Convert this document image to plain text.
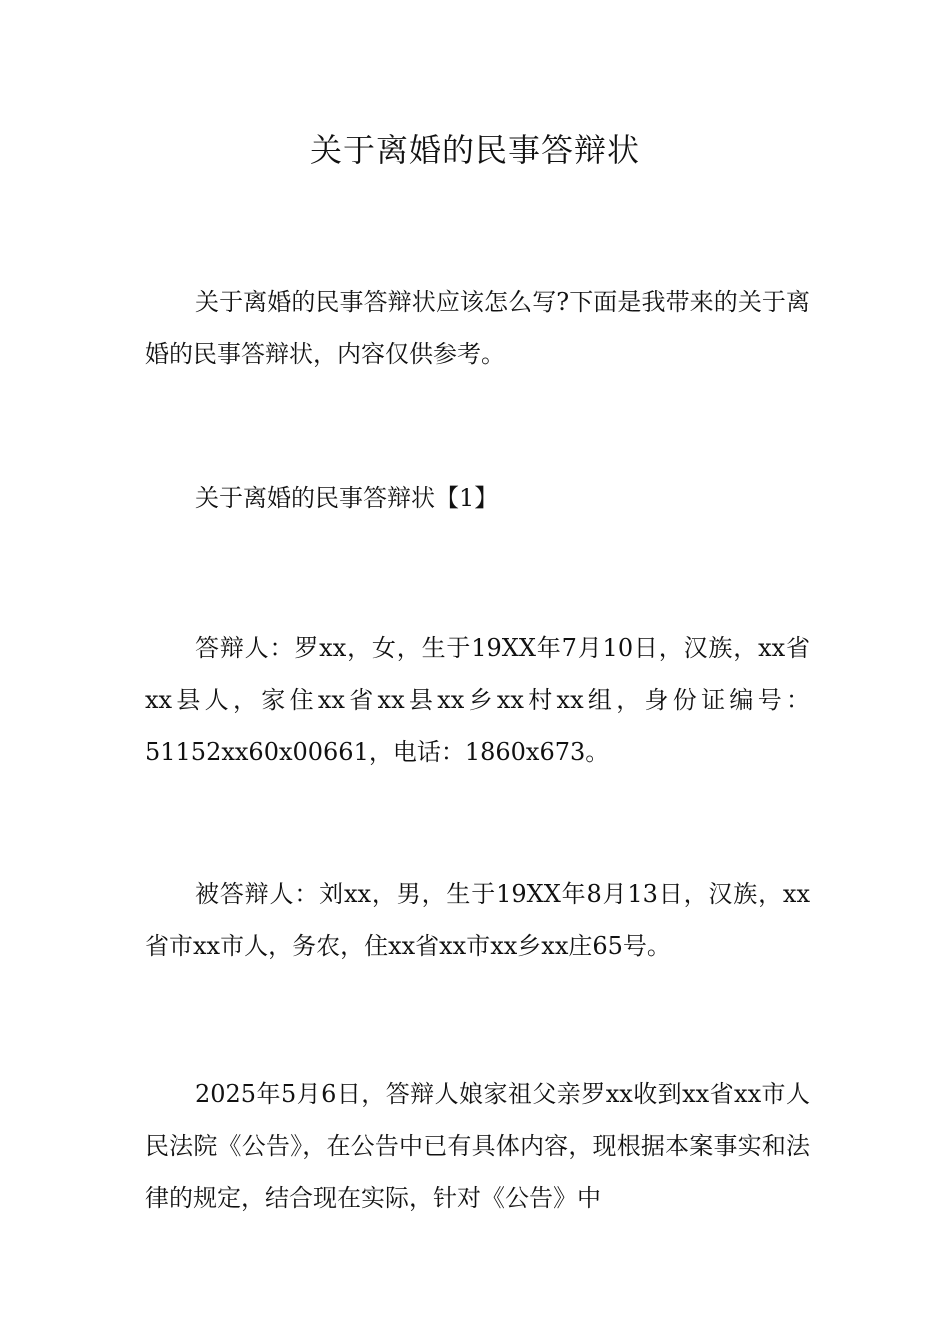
关于离婚的民事答辩状

关于离婚的民事答辩状应该怎么写?下面是我带来的关于离婚的民事答辩状，内容仅供参考。

关于离婚的民事答辩状【1】

答辩人：罗xx，女，生于19XX年7月10日，汉族，xx省xx县人，家住xx省xx县xx乡xx村xx组，身份证编号：51152xx60x00661，电话：1860x673。

被答辩人：刘xx，男，生于19XX年8月13日，汉族，xx省市xx市人，务农，住xx省xx市xx乡xx庄65号。

2025年5月6日，答辩人娘家祖父亲罗xx收到xx省xx市人民法院《公告》，在公告中已有具体内容，现根据本案事实和法律的规定，结合现在实际，针对《公告》中
